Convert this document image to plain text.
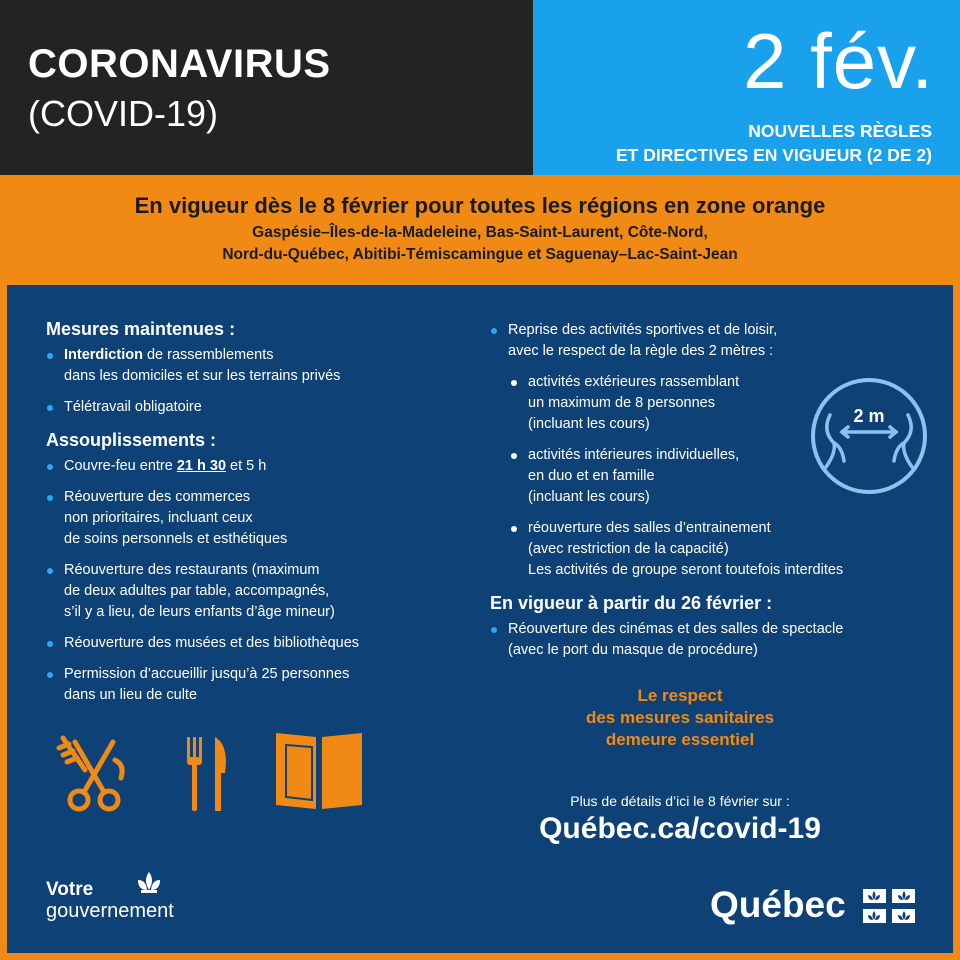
CORONAVIRUS
(COVID-19)
2 fév.
NOUVELLES RÈGLES
ET DIRECTIVES EN VIGUEUR (2 DE 2)
En vigueur dès le 8 février pour toutes les régions en zone orange
Gaspésie–Îles-de-la-Madeleine, Bas-Saint-Laurent, Côte-Nord,
Nord-du-Québec, Abitibi-Témiscamingue et Saguenay–Lac-Saint-Jean
Mesures maintenues :
Interdiction de rassemblements
dans les domiciles et sur les terrains privés
Télétravail obligatoire
Assouplissements :
Couvre-feu entre 21 h 30 et 5 h
Réouverture des commerces
non prioritaires, incluant ceux
de soins personnels et esthétiques
Réouverture des restaurants (maximum
de deux adultes par table, accompagnés,
s’il y a lieu, de leurs enfants d’âge mineur)
Réouverture des musées et des bibliothèques
Permission d’accueillir jusqu’à 25 personnes
dans un lieu de culte
Reprise des activités sportives et de loisir,
avec le respect de la règle des 2 mètres :
activités extérieures rassemblant
un maximum de 8 personnes
(incluant les cours)
activités intérieures individuelles,
en duo et en famille
(incluant les cours)
réouverture des salles d’entrainement
(avec restriction de la capacité)
Les activités de groupe seront toutefois interdites
En vigueur à partir du 26 février :
Réouverture des cinémas et des salles de spectacle
(avec le port du masque de procédure)
2 m
Le respect
des mesures sanitaires
demeure essentiel
Plus de détails d’ici le 8 février sur :
Québec.ca/covid-19
Votre
gouvernement	Québec
